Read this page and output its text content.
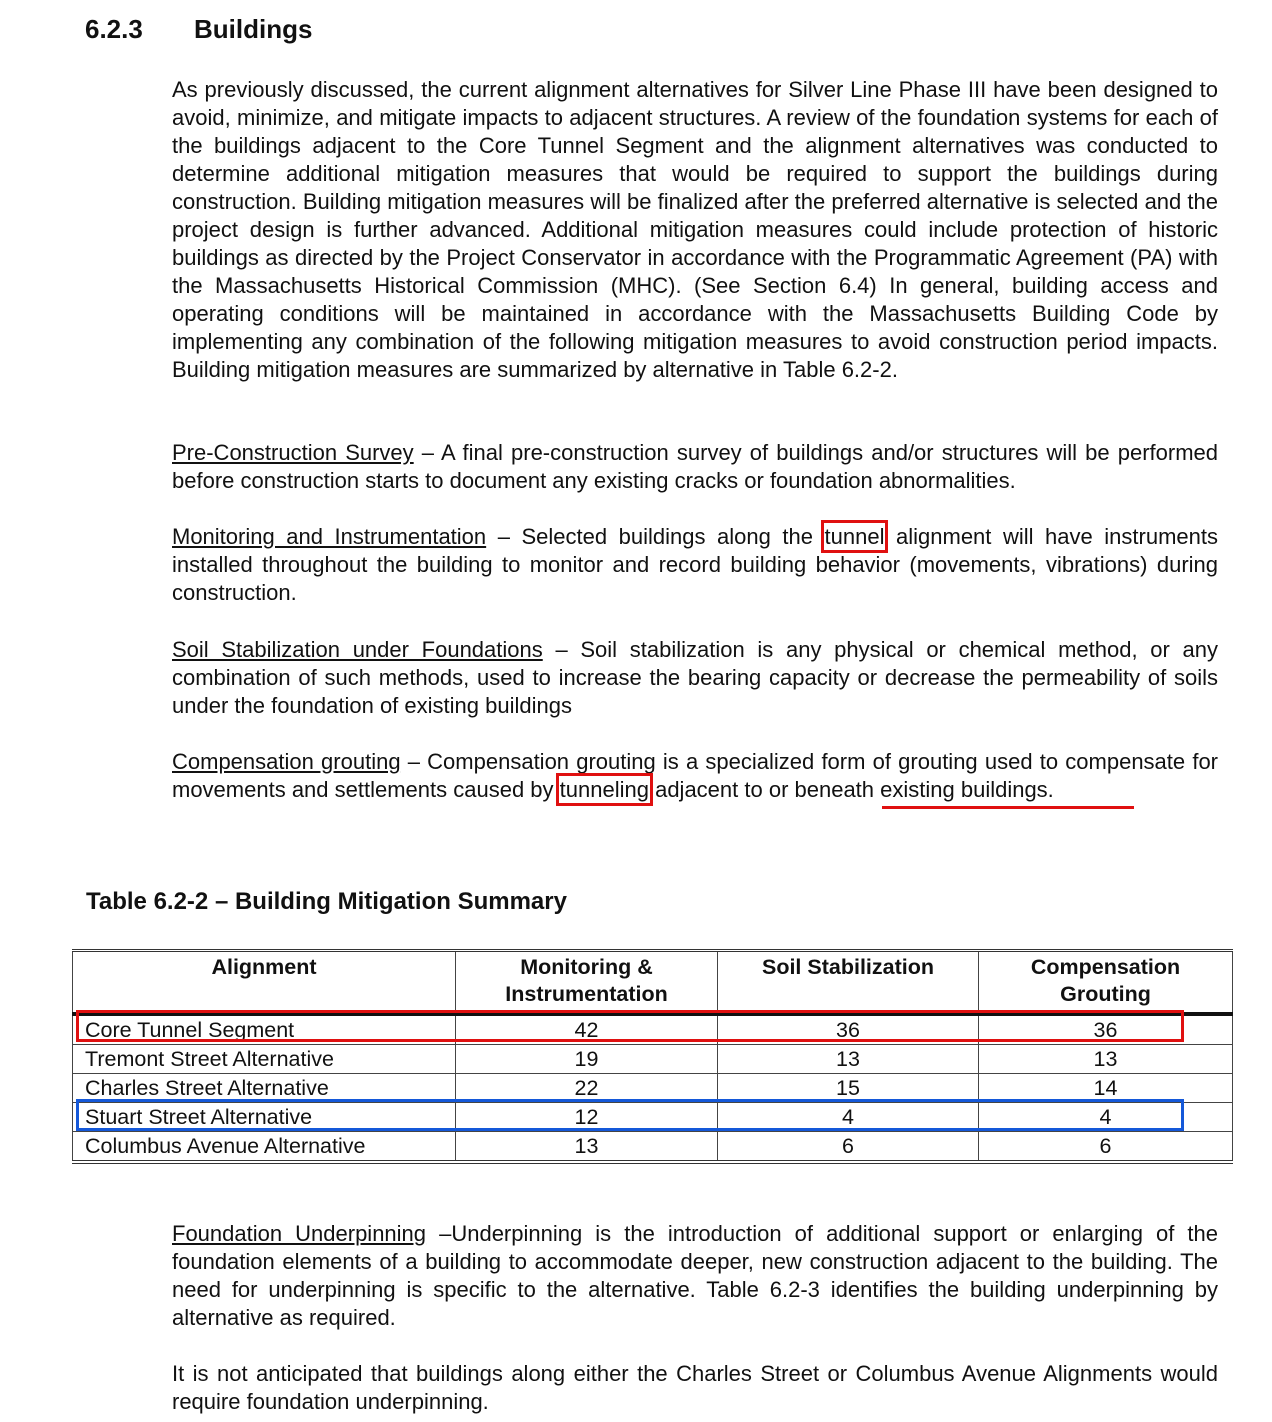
6.2.3 Buildings

As previously discussed, the current alignment alternatives for Silver Line Phase III have been designed to avoid, minimize, and mitigate impacts to adjacent structures. A review of the foundation systems for each of the buildings adjacent to the Core Tunnel Segment and the alignment alternatives was conducted to determine additional mitigation measures that would be required to support the buildings during construction. Building mitigation measures will be finalized after the preferred alternative is selected and the project design is further advanced. Additional mitigation measures could include protection of historic buildings as directed by the Project Conservator in accordance with the Programmatic Agreement (PA) with the Massachusetts Historical Commission (MHC). (See Section 6.4) In general, building access and operating conditions will be maintained in accordance with the Massachusetts Building Code by implementing any combination of the following mitigation measures to avoid construction period impacts. Building mitigation measures are summarized by alternative in Table 6.2-2.

Pre-Construction Survey – A final pre-construction survey of buildings and/or structures will be performed before construction starts to document any existing cracks or foundation abnormalities.

Monitoring and Instrumentation – Selected buildings along the tunnel alignment will have instruments installed throughout the building to monitor and record building behavior (movements, vibrations) during construction.

Soil Stabilization under Foundations – Soil stabilization is any physical or chemical method, or any combination of such methods, used to increase the bearing capacity or decrease the permeability of soils under the foundation of existing buildings

Compensation grouting – Compensation grouting is a specialized form of grouting used to compensate for movements and settlements caused by tunneling adjacent to or beneath existing buildings.

Table 6.2-2 – Building Mitigation Summary
Alignment	Monitoring & Instrumentation	Soil Stabilization	Compensation Grouting
Core Tunnel Segment	42	36	36
Tremont Street Alternative	19	13	13
Charles Street Alternative	22	15	14
Stuart Street Alternative	12	4	4
Columbus Avenue Alternative	13	6	6

Foundation Underpinning –Underpinning is the introduction of additional support or enlarging of the foundation elements of a building to accommodate deeper, new construction adjacent to the building. The need for underpinning is specific to the alternative. Table 6.2-3 identifies the building underpinning by alternative as required.

It is not anticipated that buildings along either the Charles Street or Columbus Avenue Alignments would require foundation underpinning.
